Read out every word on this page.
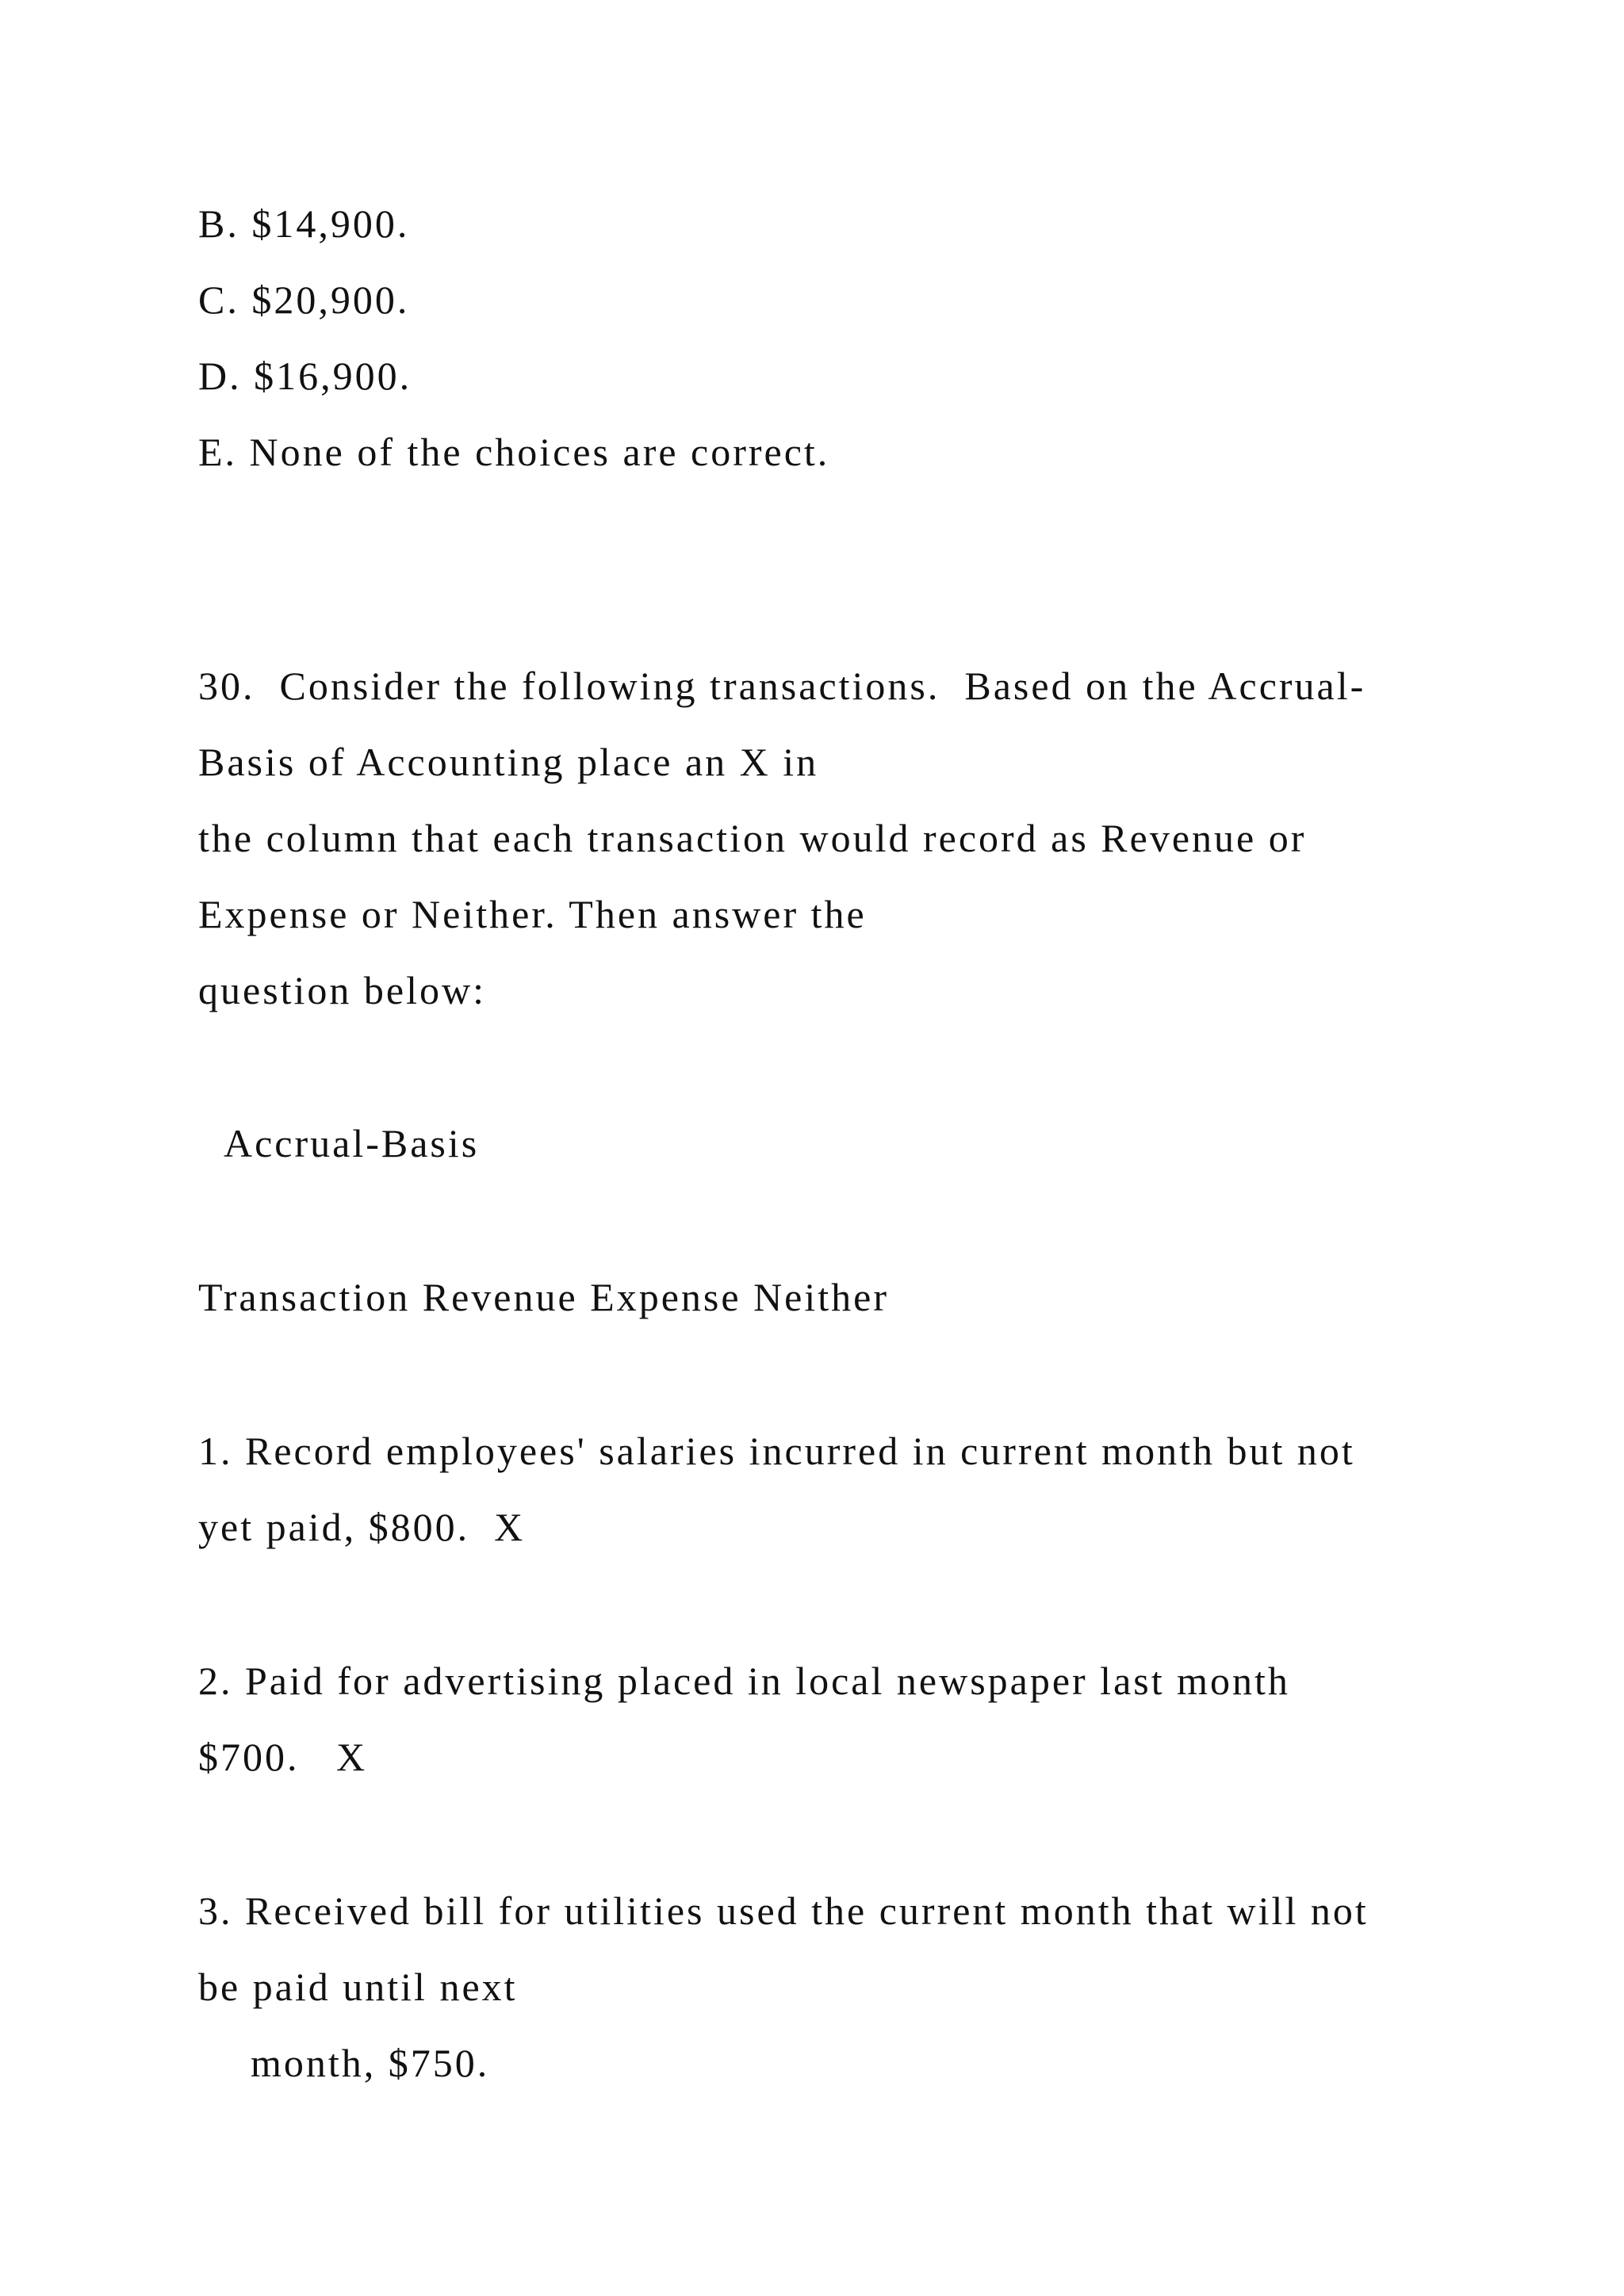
B. $14,900.

C. $20,900.

D. $16,900.

E. None of the choices are correct.

30.  Consider the following transactions.  Based on the Accrual-

Basis of Accounting place an X in

the column that each transaction would record as Revenue or

Expense or Neither. Then answer the

question below:

Accrual-Basis

Transaction Revenue Expense Neither

1. Record employees' salaries incurred in current month but not

yet paid, $800.  X

2. Paid for advertising placed in local newspaper last month

$700.   X

3. Received bill for utilities used the current month that will not

be paid until next

month, $750.
